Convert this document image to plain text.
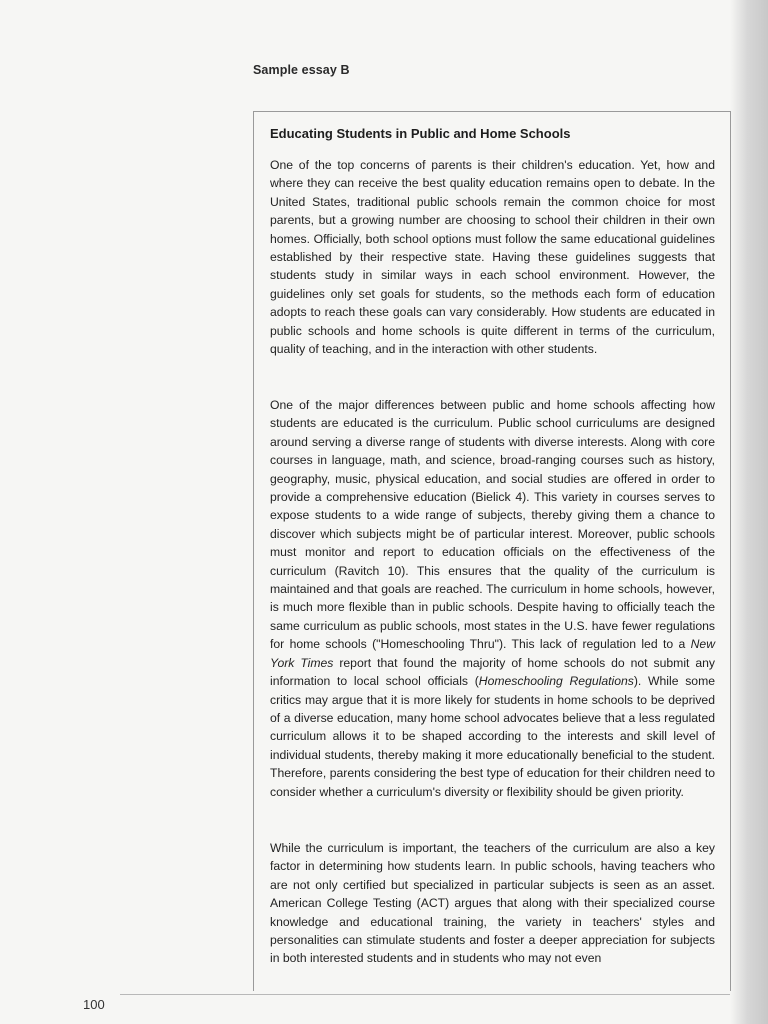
Sample essay B
Educating Students in Public and Home Schools

One of the top concerns of parents is their children's education. Yet, how and where they can receive the best quality education remains open to debate. In the United States, traditional public schools remain the common choice for most parents, but a growing number are choosing to school their children in their own homes. Officially, both school options must follow the same educational guidelines established by their respective state. Having these guidelines suggests that students study in similar ways in each school environment. However, the guidelines only set goals for students, so the methods each form of education adopts to reach these goals can vary considerably. How students are educated in public schools and home schools is quite different in terms of the curriculum, quality of teaching, and in the interaction with other students.

One of the major differences between public and home schools affecting how students are educated is the curriculum. Public school curriculums are designed around serving a diverse range of students with diverse interests. Along with core courses in language, math, and science, broad-ranging courses such as history, geography, music, physical education, and social studies are offered in order to provide a comprehensive education (Bielick 4). This variety in courses serves to expose students to a wide range of subjects, thereby giving them a chance to discover which subjects might be of particular interest. Moreover, public schools must monitor and report to education officials on the effectiveness of the curriculum (Ravitch 10). This ensures that the quality of the curriculum is maintained and that goals are reached. The curriculum in home schools, however, is much more flexible than in public schools. Despite having to officially teach the same curriculum as public schools, most states in the U.S. have fewer regulations for home schools ("Homeschooling Thru"). This lack of regulation led to a New York Times report that found the majority of home schools do not submit any information to local school officials (Homeschooling Regulations). While some critics may argue that it is more likely for students in home schools to be deprived of a diverse education, many home school advocates believe that a less regulated curriculum allows it to be shaped according to the interests and skill level of individual students, thereby making it more educationally beneficial to the student. Therefore, parents considering the best type of education for their children need to consider whether a curriculum's diversity or flexibility should be given priority.

While the curriculum is important, the teachers of the curriculum are also a key factor in determining how students learn. In public schools, having teachers who are not only certified but specialized in particular subjects is seen as an asset. American College Testing (ACT) argues that along with their specialized course knowledge and educational training, the variety in teachers' styles and personalities can stimulate students and foster a deeper appreciation for subjects in both interested students and in students who may not even

100
